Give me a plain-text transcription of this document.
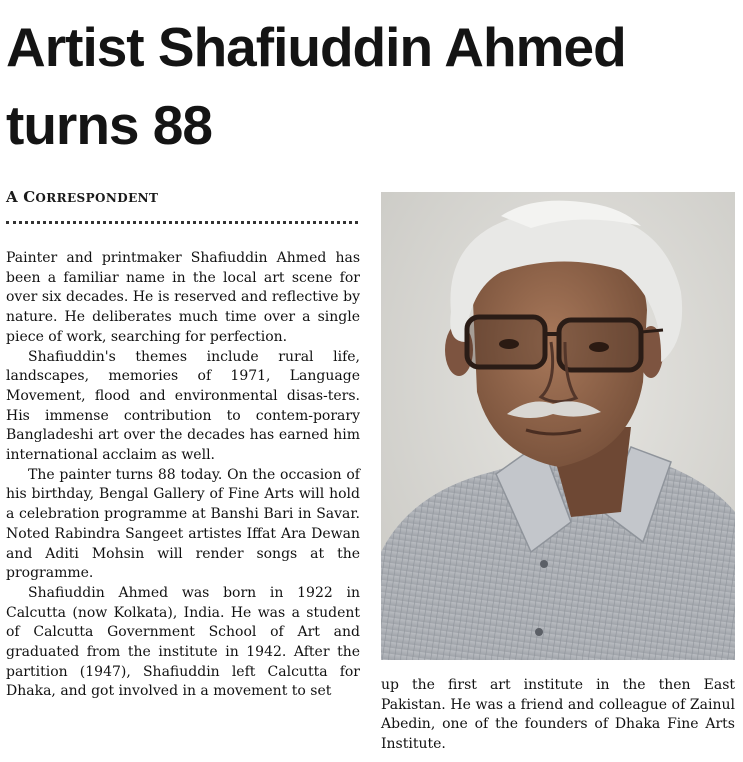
Artist Shafiuddin Ahmed turns 88
A CORRESPONDENT

Painter and printmaker Shafiuddin Ahmed has been a familiar name in the local art scene for over six decades. He is reserved and reflective by nature. He deliberates much time over a single piece of work, searching for perfection.

Shafiuddin's themes include rural life, landscapes, memories of 1971, Language Movement, flood and environmental disas-ters. His immense contribution to contem-porary Bangladeshi art over the decades has earned him international acclaim as well.

The painter turns 88 today. On the occasion of his birthday, Bengal Gallery of Fine Arts will hold a celebration programme at Banshi Bari in Savar. Noted Rabindra Sangeet artistes Iffat Ara Dewan and Aditi Mohsin will render songs at the programme.

Shafiuddin Ahmed was born in 1922 in Calcutta (now Kolkata), India. He was a student of Calcutta Government School of Art and graduated from the institute in 1942. After the partition (1947), Shafiuddin left Calcutta for Dhaka, and got involved in a movement to set	up the first art institute in the then East Pakistan. He was a friend and colleague of Zainul Abedin, one of the founders of Dhaka Fine Arts Institute.
